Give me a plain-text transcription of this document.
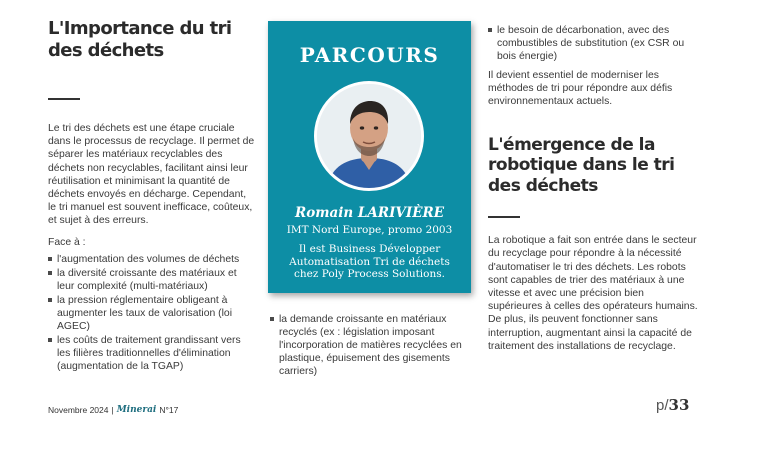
L'Importance du tri des déchets

Le tri des déchets est une étape cruciale dans le processus de recyclage. Il permet de séparer les matériaux recyclables des déchets non recyclables, facilitant ainsi leur réutilisation et minimisant la quantité de déchets envoyés en décharge. Cependant, le tri manuel est souvent inefficace, coûteux, et sujet à des erreurs.

Face à :

l'augmentation des volumes de déchets
la diversité croissante des matériaux et leur complexité (multi-matériaux)
la pression réglementaire obligeant à augmenter les taux de valorisation (loi AGEC)
les coûts de traitement grandissant vers les filières traditionnelles d'élimination (augmentation de la TGAP)
PARCOURS
Romain LARIVIÈRE
IMT Nord Europe, promo 2003
Il est Business Développer Automatisation Tri de déchets chez Poly Process Solutions.
la demande croissante en matériaux recyclés (ex : législation imposant l'incorporation de matières recyclées en plastique, épuisement des gisements carriers)
le besoin de décarbonation, avec des combustibles de substitution (ex CSR ou bois énergie)

Il devient essentiel de moderniser les méthodes de tri pour répondre aux défis environnementaux actuels.

L'émergence de la robotique dans le tri des déchets

La robotique a fait son entrée dans le secteur du recyclage pour répondre à la nécessité d'automatiser le tri des déchets. Les robots sont capables de trier des matériaux à une vitesse et avec une précision bien supérieures à celles des opérateurs humains. De plus, ils peuvent fonctionner sans interruption, augmentant ainsi la capacité de traitement des installations de recyclage.

Novembre 2024 | Minerai N°17	p/33
